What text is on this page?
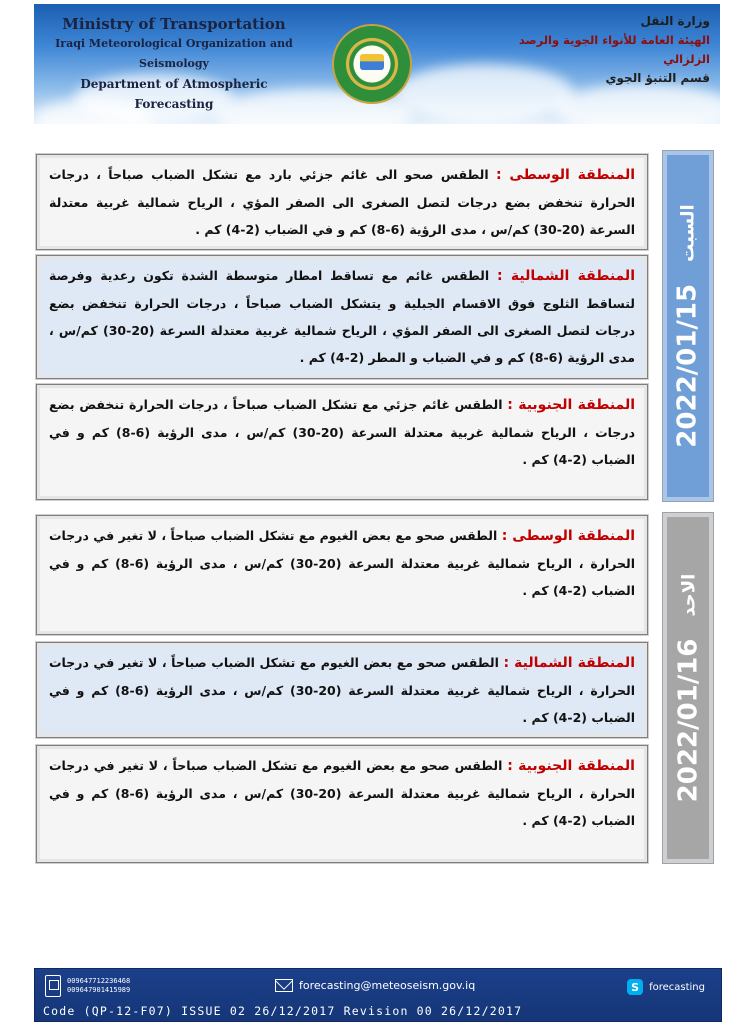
Ministry of Transportation
Iraqi Meteorological Organization and Seismology
Department of Atmospheric Forecasting
وزارة النقل
الهيئة العامة للأنواء الجوية والرصد الزلزالي
قسم التنبؤ الجوي
2022/01/15
السبت
المنطقة الوسطى : الطقس صحو الى غائم جزئي بارد مع تشكل الضباب صباحاً ، درجات الحرارة تنخفض بضع درجات لتصل الصغرى الى الصفر المؤي ، الرياح شمالية غربية معتدلة السرعة (20-30) كم/س ، مدى الرؤية (6-8) كم و في الضباب (2-4) كم .
المنطقة الشمالية : الطقس غائم مع تساقط امطار متوسطة الشدة تكون رعدية وفرصة لتساقط الثلوج فوق الاقسام الجبلية و يتشكل الضباب صباحاً ، درجات الحرارة تنخفض بضع درجات لتصل الصغرى الى الصفر المؤي ، الرياح شمالية غربية معتدلة السرعة (20-30) كم/س ، مدى الرؤية (6-8) كم و في الضباب و المطر (2-4) كم .
المنطقة الجنوبية : الطقس غائم جزئي مع تشكل الضباب صباحاً ، درجات الحرارة تنخفض بضع درجات ، الرياح شمالية غربية معتدلة السرعة (20-30) كم/س ، مدى الرؤية (6-8) كم و في الضباب (2-4) كم .
2022/01/16
الاحد
المنطقة الوسطى : الطقس صحو مع بعض الغيوم مع تشكل الضباب صباحاً ، لا تغير في درجات الحرارة ، الرياح شمالية غربية معتدلة السرعة (20-30) كم/س ، مدى الرؤية (6-8) كم و في الضباب (2-4) كم .
المنطقة الشمالية : الطقس صحو مع بعض الغيوم مع تشكل الضباب صباحاً ، لا تغير في درجات الحرارة ، الرياح شمالية غربية معتدلة السرعة (20-30) كم/س ، مدى الرؤية (6-8) كم و في الضباب (2-4) كم .
المنطقة الجنوبية : الطقس صحو مع بعض الغيوم مع تشكل الضباب صباحاً ، لا تغير في درجات الحرارة ، الرياح شمالية غربية معتدلة السرعة (20-30) كم/س ، مدى الرؤية (6-8) كم و في الضباب (2-4) كم .
009647712236468
009647901415989	forecasting@meteoseism.gov.iq	S	forecasting
Code (QP-12-F07) ISSUE 02 26/12/2017 Revision 00 26/12/2017
